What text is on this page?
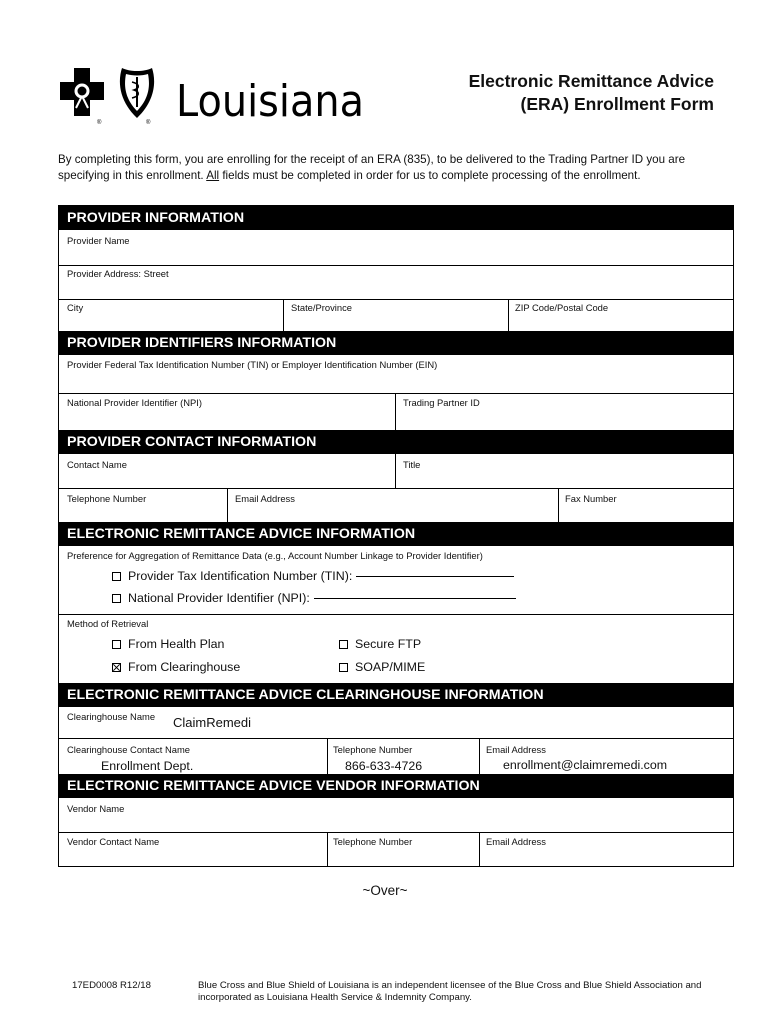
®	® Louisiana	Electronic Remittance Advice
(ERA) Enrollment Form
By completing this form, you are enrolling for the receipt of an ERA (835), to be delivered to the Trading Partner ID you are specifying in this enrollment. All fields must be completed in order for us to complete processing of the enrollment.
PROVIDER INFORMATION
Provider Name
Provider Address: Street
City	State/Province	ZIP Code/Postal Code
PROVIDER IDENTIFIERS INFORMATION
Provider Federal Tax Identification Number (TIN) or Employer Identification Number (EIN)
National Provider Identifier (NPI)	Trading Partner ID
PROVIDER CONTACT INFORMATION
Contact Name	Title
Telephone Number	Email Address	Fax Number
ELECTRONIC REMITTANCE ADVICE INFORMATION
Preference for Aggregation of Remittance Data (e.g., Account Number Linkage to Provider Identifier)
Provider Tax Identification Number (TIN):
National Provider Identifier (NPI):
Method of Retrieval
From Health Plan	Secure FTP
From Clearinghouse	SOAP/MIME
ELECTRONIC REMITTANCE ADVICE CLEARINGHOUSE INFORMATION
Clearinghouse Name ClaimRemedi
Clearinghouse Contact Name
Enrollment Dept.
Telephone Number
866-633-4726
Email Address
enrollment@claimremedi.com
ELECTRONIC REMITTANCE ADVICE VENDOR INFORMATION
Vendor Name
Vendor Contact Name	Telephone Number	Email Address
~Over~
17ED0008 R12/18	Blue Cross and Blue Shield of Louisiana is an independent licensee of the Blue Cross and Blue Shield Association and incorporated as Louisiana Health Service & Indemnity Company.
